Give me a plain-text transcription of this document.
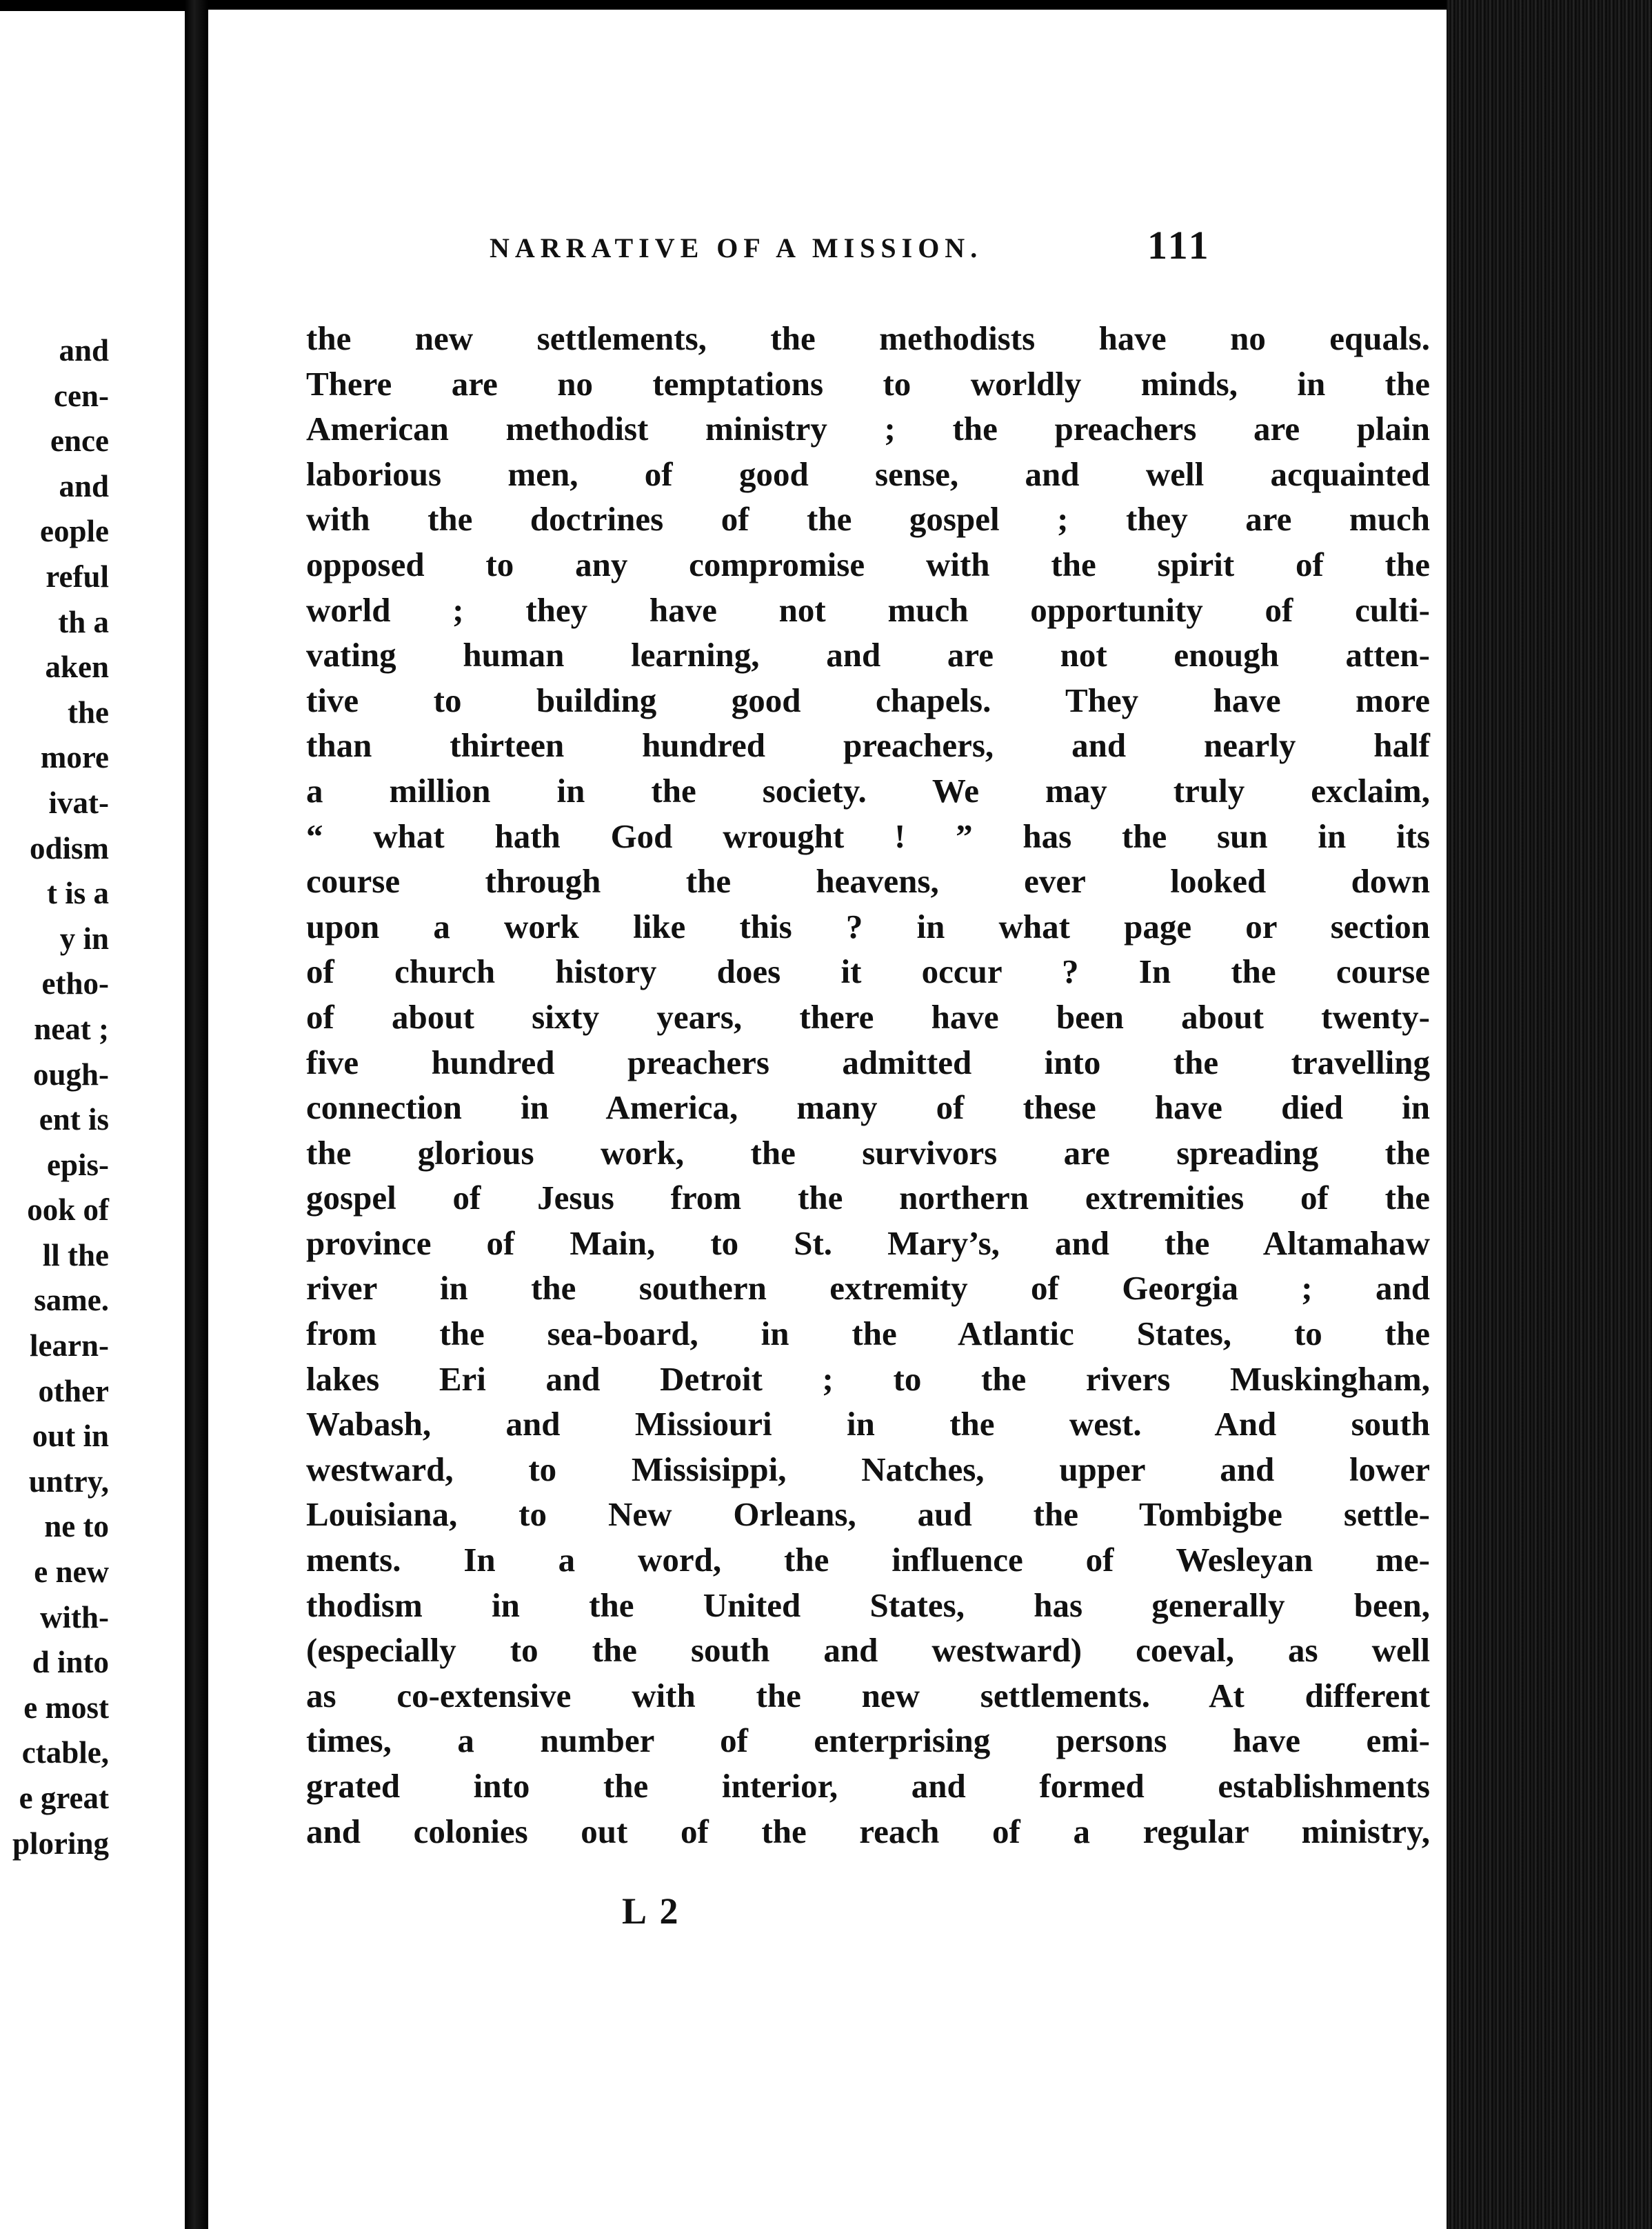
and
cen-
ence
and
eople
reful
th a
aken
the
more
ivat-
odism
t is a
y in
etho-
neat ;
ough-
ent is
epis-
ook of
ll the
same.
learn-
other
out in
untry,
ne to
e new
with-
d into
e most
ctable,
e great
ploring
NARRATIVE OF A MISSION.	111
the new settlements, the methodists have no equals.
There are no temptations to worldly minds, in the
American methodist ministry ; the preachers are plain
laborious men, of good sense, and well acquainted
with the doctrines of the gospel ; they are much
opposed to any compromise with the spirit of the
world ; they have not much opportunity of culti-
vating human learning, and are not enough atten-
tive to building good chapels. They have more
than thirteen hundred preachers, and nearly half
a million in the society. We may truly exclaim,
“ what hath God wrought ! ” has the sun in its
course through the heavens, ever looked down
upon a work like this ? in what page or section
of church history does it occur ? In the course
of about sixty years, there have been about twenty-
five hundred preachers admitted into the travelling
connection in America, many of these have died in
the glorious work, the survivors are spreading the
gospel of Jesus from the northern extremities of the
province of Main, to St. Mary’s, and the Altamahaw
river in the southern extremity of Georgia ; and
from the sea-board, in the Atlantic States, to the
lakes Eri and Detroit ; to the rivers Muskingham,
Wabash, and Missiouri in the west. And south
westward, to Missisippi, Natches, upper and lower
Louisiana, to New Orleans, aud the Tombigbe settle-
ments. In a word, the influence of Wesleyan me-
thodism in the United States, has generally been,
(especially to the south and westward) coeval, as well
as co-extensive with the new settlements. At different
times, a number of enterprising persons have emi-
grated into the interior, and formed establishments
and colonies out of the reach of a regular ministry,
L 2
